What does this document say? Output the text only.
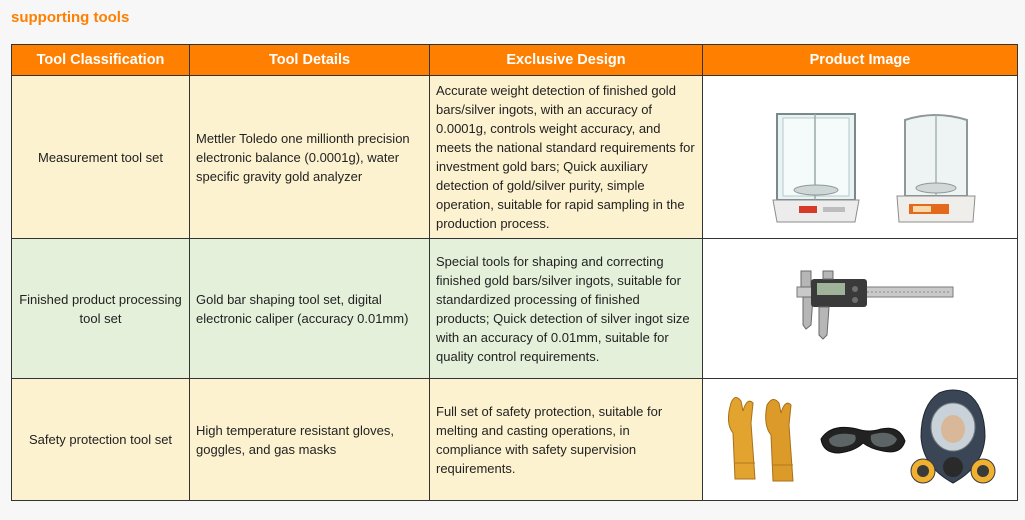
supporting tools
Tool Classification	Tool Details	Exclusive Design	Product Image
Measurement tool set	Mettler Toledo one millionth precision electronic balance (0.0001g), water specific gravity gold analyzer	Accurate weight detection of finished gold bars/silver ingots, with an accuracy of 0.0001g, controls weight accuracy, and meets the national standard requirements for investment gold bars; Quick auxiliary detection of gold/silver purity, simple operation, suitable for rapid sampling in the production process.	

Finished product processing tool set	Gold bar shaping tool set, digital electronic caliper (accuracy 0.01mm)	Special tools for shaping and correcting finished gold bars/silver ingots, suitable for standardized processing of finished products; Quick detection of silver ingot size with an accuracy of 0.01mm, suitable for quality control requirements.	

Safety protection tool set	High temperature resistant gloves, goggles, and gas masks	Full set of safety protection, suitable for melting and casting operations, in compliance with safety supervision requirements.	
